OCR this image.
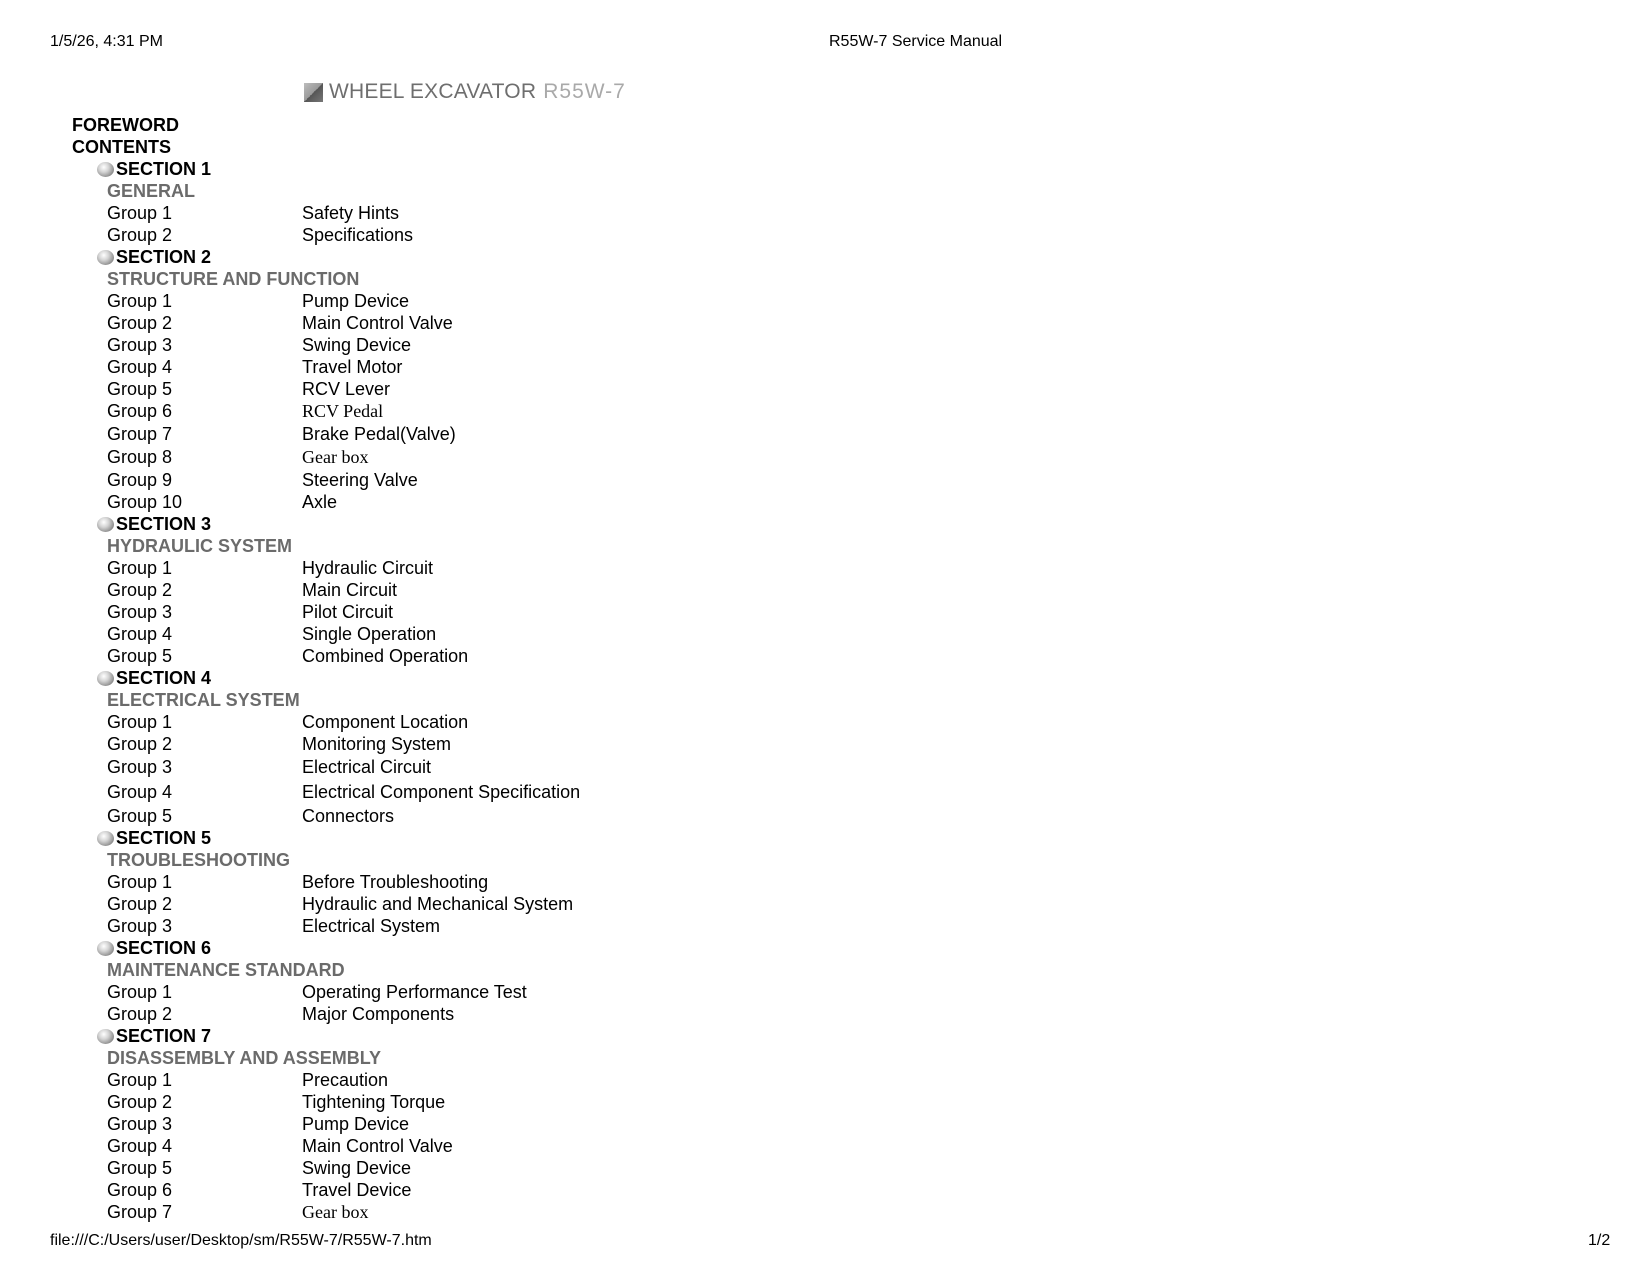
1/5/26, 4:31 PM	R55W-7 Service Manual
WHEEL EXCAVATOR R55W-7
FOREWORD
CONTENTS
SECTION 1
GENERAL
Group 1	Safety Hints
Group 2	Specifications
SECTION 2
STRUCTURE AND FUNCTION
Group 1	Pump Device
Group 2	Main Control Valve
Group 3	Swing Device
Group 4	Travel Motor
Group 5	RCV Lever
Group 6	RCV Pedal
Group 7	Brake Pedal(Valve)
Group 8	Gear box
Group 9	Steering Valve
Group 10	Axle
SECTION 3
HYDRAULIC SYSTEM
Group 1	Hydraulic Circuit
Group 2	Main Circuit
Group 3	Pilot Circuit
Group 4	Single Operation
Group 5	Combined Operation
SECTION 4
ELECTRICAL SYSTEM
Group 1	Component Location
Group 2	Monitoring System
Group 3	Electrical Circuit
Group 4	Electrical Component Specification
Group 5	Connectors
SECTION 5
TROUBLESHOOTING
Group 1	Before Troubleshooting
Group 2	Hydraulic and Mechanical System
Group 3	Electrical System
SECTION 6
MAINTENANCE STANDARD
Group 1	Operating Performance Test
Group 2	Major Components
SECTION 7
DISASSEMBLY AND ASSEMBLY
Group 1	Precaution
Group 2	Tightening Torque
Group 3	Pump Device
Group 4	Main Control Valve
Group 5	Swing Device
Group 6	Travel Device
Group 7	Gear box
file:///C:/Users/user/Desktop/sm/R55W-7/R55W-7.htm	1/2
